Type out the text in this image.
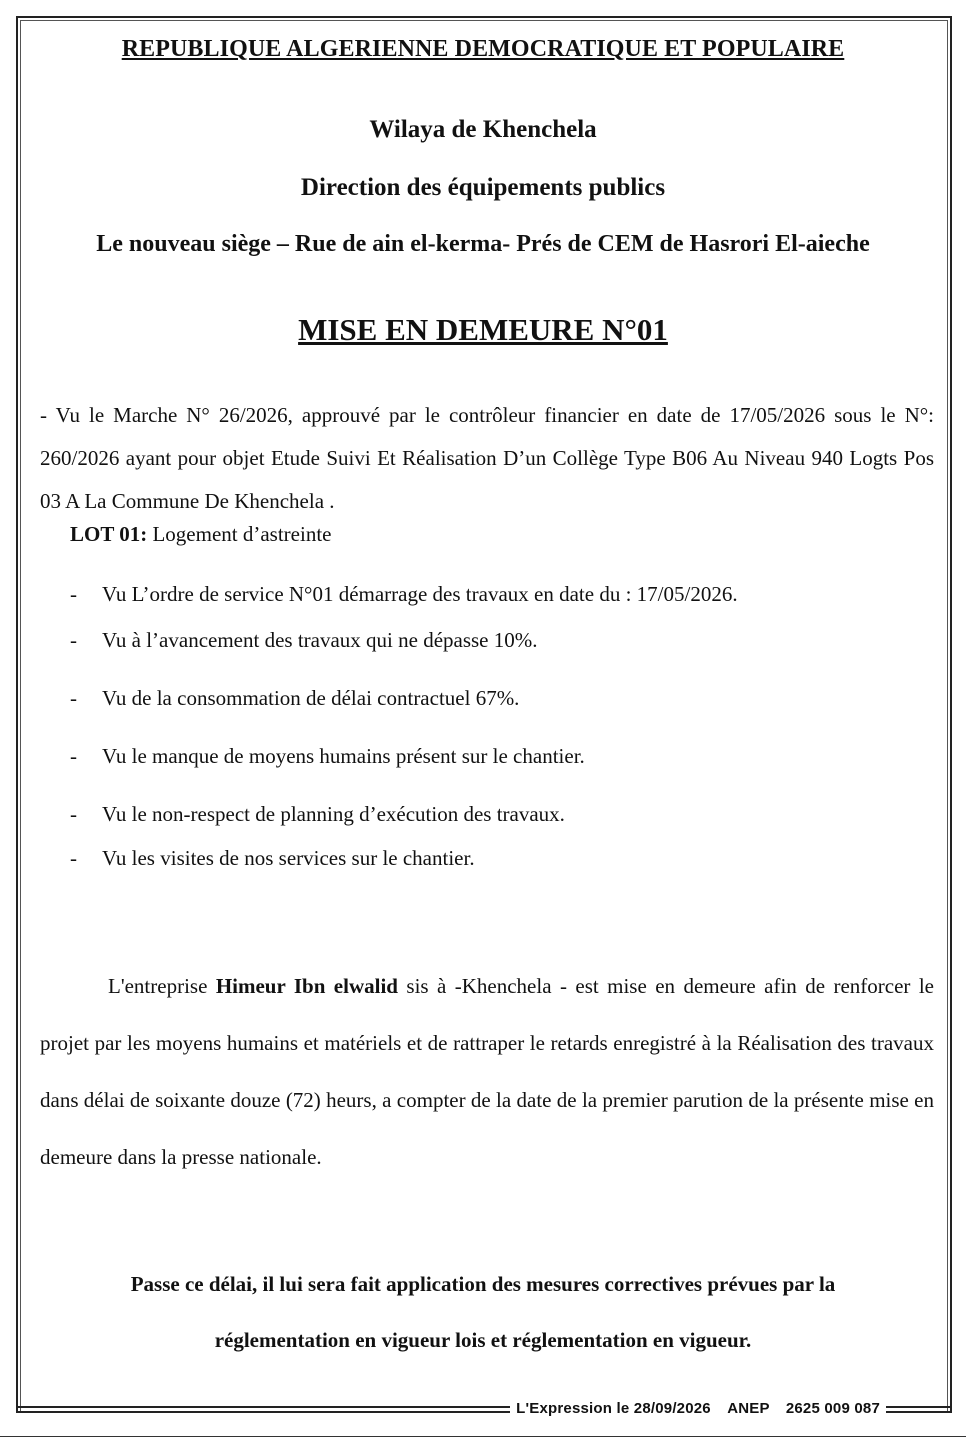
REPUBLIQUE ALGERIENNE DEMOCRATIQUE ET POPULAIRE
Wilaya de Khenchela
Direction des équipements publics
Le nouveau siège – Rue de ain el-kerma- Prés de CEM de Hasrori El-aieche
MISE EN DEMEURE N°01
- Vu le Marche N° 26/2026, approuvé par le contrôleur financier en date de 17/05/2026 sous le N°: 260/2026 ayant pour objet Etude Suivi Et Réalisation D’un Collège Type B06 Au Niveau 940 Logts Pos 03 A La Commune De Khenchela .
LOT 01: Logement d’astreinte
- Vu L’ordre de service N°01 démarrage des travaux en date du : 17/05/2026.
- Vu à l’avancement des travaux qui ne dépasse 10%.
- Vu de la consommation de délai contractuel 67%.
- Vu le manque de moyens humains présent sur le chantier.
- Vu le non-respect de planning d’exécution des travaux.
- Vu les visites de nos services sur le chantier.
L'entreprise Himeur Ibn elwalid sis à -Khenchela - est mise en demeure afin de renforcer le projet par les moyens humains et matériels et de rattraper le retards enregistré à la Réalisation des travaux dans délai de soixante douze (72) heurs, a compter de la date de la premier parution de la présente mise en demeure dans la presse nationale.
Passe ce délai, il lui sera fait application des mesures correctives prévues par la
réglementation en vigueur lois et réglementation en vigueur.
L'Expression le 28/09/2026 ANEP 2625 009 087
